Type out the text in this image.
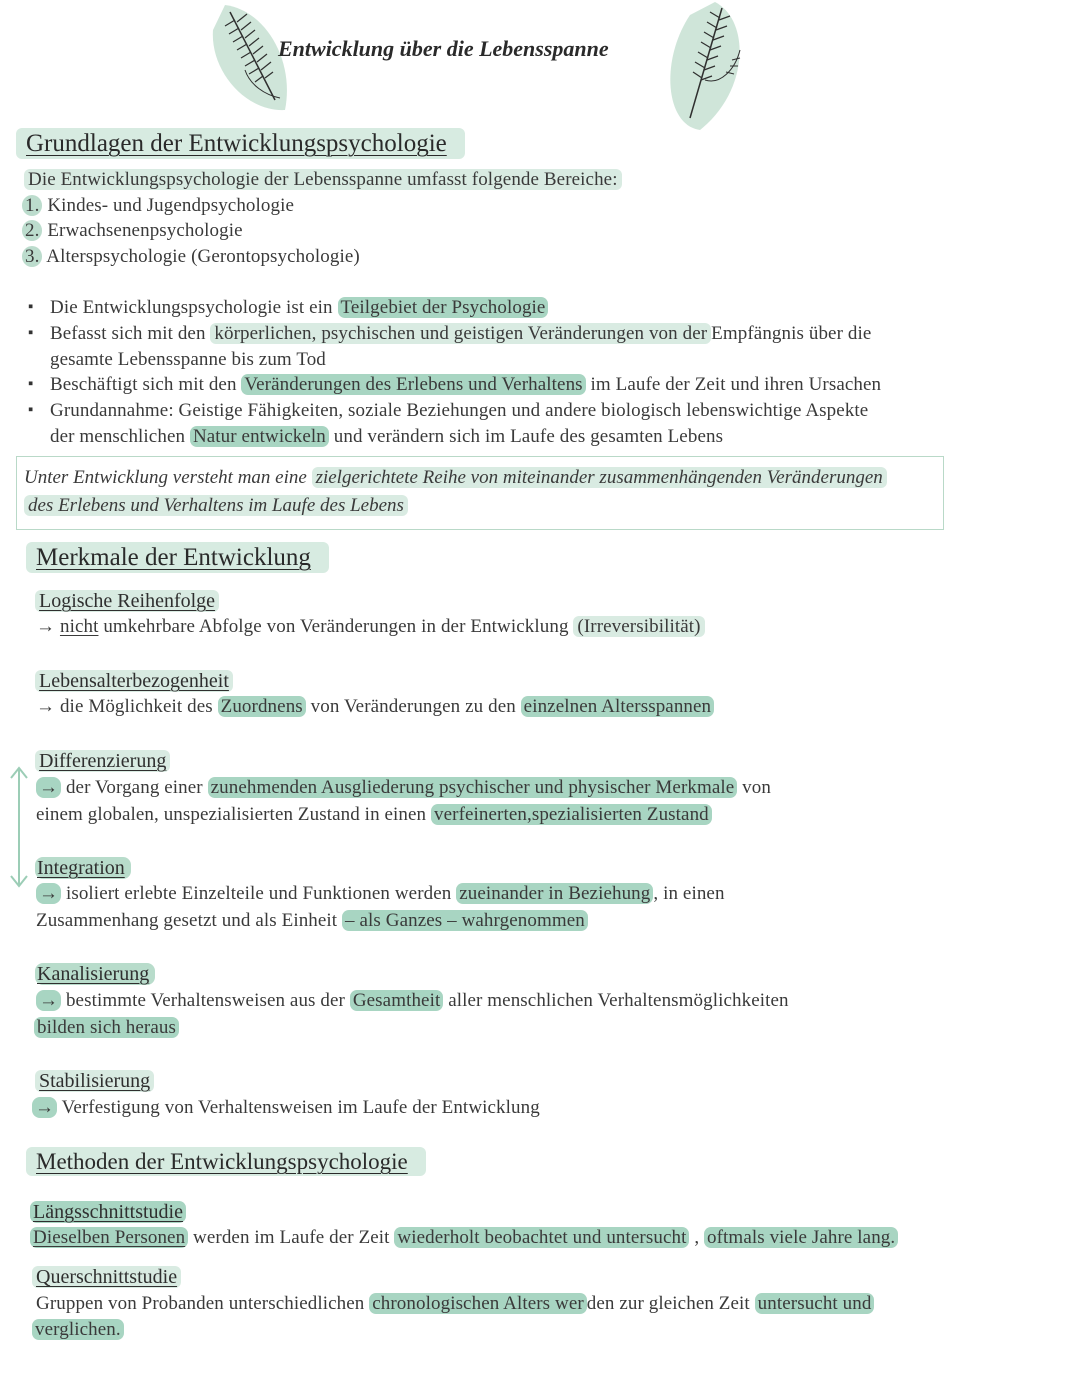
Entwicklung über die Lebensspanne
Grundlagen der Entwicklungspsychologie
Die Entwicklungspsychologie der Lebensspanne umfasst folgende Bereiche:
1. Kindes- und Jugendpsychologie
2. Erwachsenenpsychologie
3. Alterspsychologie (Gerontopsychologie)
▪ Die Entwicklungspsychologie ist ein Teilgebiet der Psychologie
▪ Befasst sich mit den körperlichen, psychischen und geistigen Veränderungen von der Empfängnis über die
gesamte Lebensspanne bis zum Tod
▪ Beschäftigt sich mit den Veränderungen des Erlebens und Verhaltens im Laufe der Zeit und ihren Ursachen
▪ Grundannahme: Geistige Fähigkeiten, soziale Beziehungen und andere biologisch lebenswichtige Aspekte
der menschlichen Natur entwickeln und verändern sich im Laufe des gesamten Lebens
Unter Entwicklung versteht man eine zielgerichtete Reihe von miteinander zusammenhängenden Veränderungen
des Erlebens und Verhaltens im Laufe des Lebens
Merkmale der Entwicklung
Logische Reihenfolge
→ nicht umkehrbare Abfolge von Veränderungen in der Entwicklung (Irreversibilität)
Lebensalterbezogenheit
→ die Möglichkeit des Zuordnens von Veränderungen zu den einzelnen Altersspannen
Differenzierung
→ der Vorgang einer zunehmenden Ausgliederung psychischer und physischer Merkmale von
einem globalen, unspezialisierten Zustand in einen verfeinerten,spezialisierten Zustand
Integration
→ isoliert erlebte Einzelteile und Funktionen werden zueinander in Beziehung , in einen
Zusammenhang gesetzt und als Einheit – als Ganzes – wahrgenommen
Kanalisierung
→ bestimmte Verhaltensweisen aus der Gesamtheit aller menschlichen Verhaltensmöglichkeiten
bilden sich heraus
Stabilisierung
→ Verfestigung von Verhaltensweisen im Laufe der Entwicklung
Methoden der Entwicklungspsychologie
Längsschnittstudie
Dieselben Personen werden im Laufe der Zeit wiederholt beobachtet und untersucht , oftmals viele Jahre lang.
Querschnittstudie
Gruppen von Probanden unterschiedlichen chronologischen Alters wer den zur gleichen Zeit untersucht und
verglichen.
